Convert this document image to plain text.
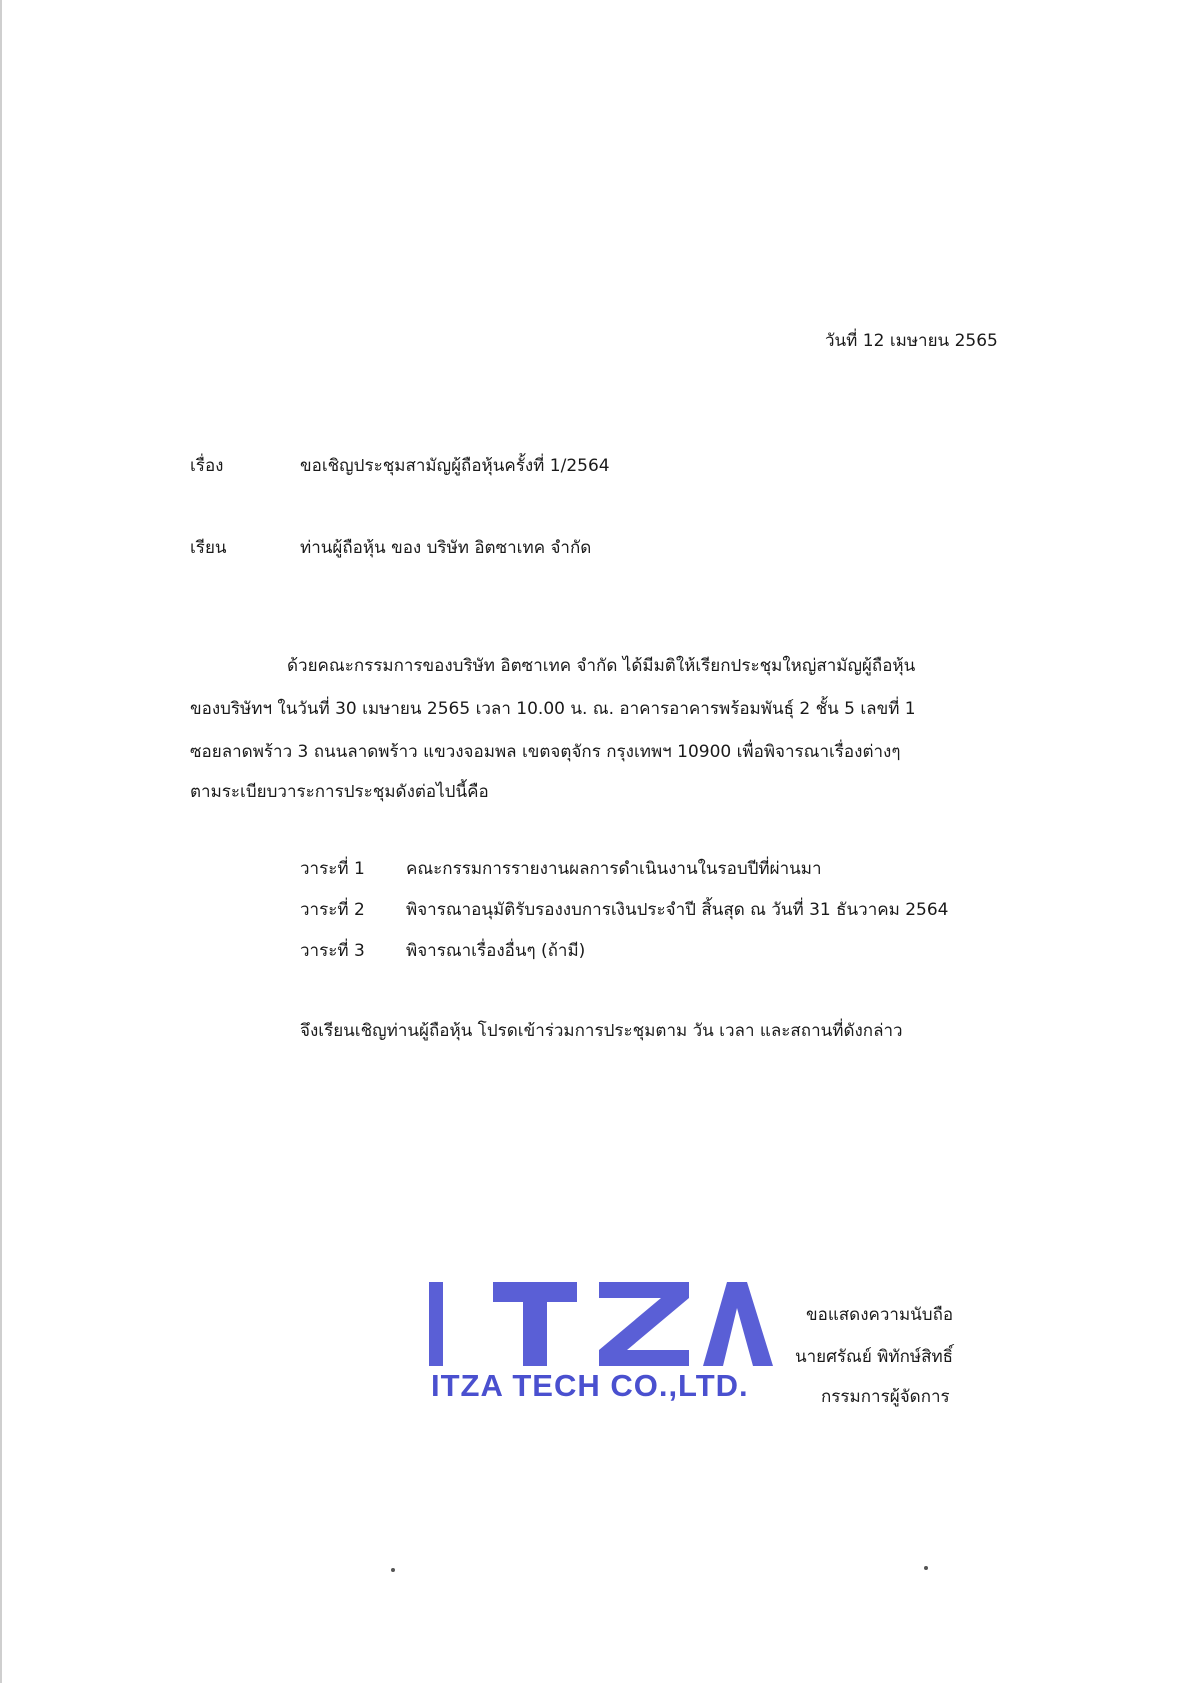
วันที่ 12 เมษายน 2565
เรื่อง	ขอเชิญประชุมสามัญผู้ถือหุ้นครั้งที่ 1/2564
เรียน	ท่านผู้ถือหุ้น ของ บริษัท อิตซาเทค จำกัด
ด้วยคณะกรรมการของบริษัท อิตซาเทค จำกัด ได้มีมติให้เรียกประชุมใหญ่สามัญผู้ถือหุ้น
ของบริษัทฯ ในวันที่ 30 เมษายน 2565 เวลา 10.00 น. ณ. อาคารอาคารพร้อมพันธุ์ 2 ชั้น 5 เลขที่ 1
ซอยลาดพร้าว 3 ถนนลาดพร้าว แขวงจอมพล เขตจตุจักร กรุงเทพฯ 10900 เพื่อพิจารณาเรื่องต่างๆ
ตามระเบียบวาระการประชุมดังต่อไปนี้คือ
วาระที่ 1 คณะกรรมการรายงานผลการดำเนินงานในรอบปีที่ผ่านมา
วาระที่ 2 พิจารณาอนุมัติรับรองงบการเงินประจำปี สิ้นสุด ณ วันที่ 31 ธันวาคม 2564
วาระที่ 3 พิจารณาเรื่องอื่นๆ (ถ้ามี)
จึงเรียนเชิญท่านผู้ถือหุ้น โปรดเข้าร่วมการประชุมตาม วัน เวลา และสถานที่ดังกล่าว
ITZA TECH CO.,LTD.
ขอแสดงความนับถือ
นายศรัณย์ พิทักษ์สิทธิ์
กรรมการผู้จัดการ
